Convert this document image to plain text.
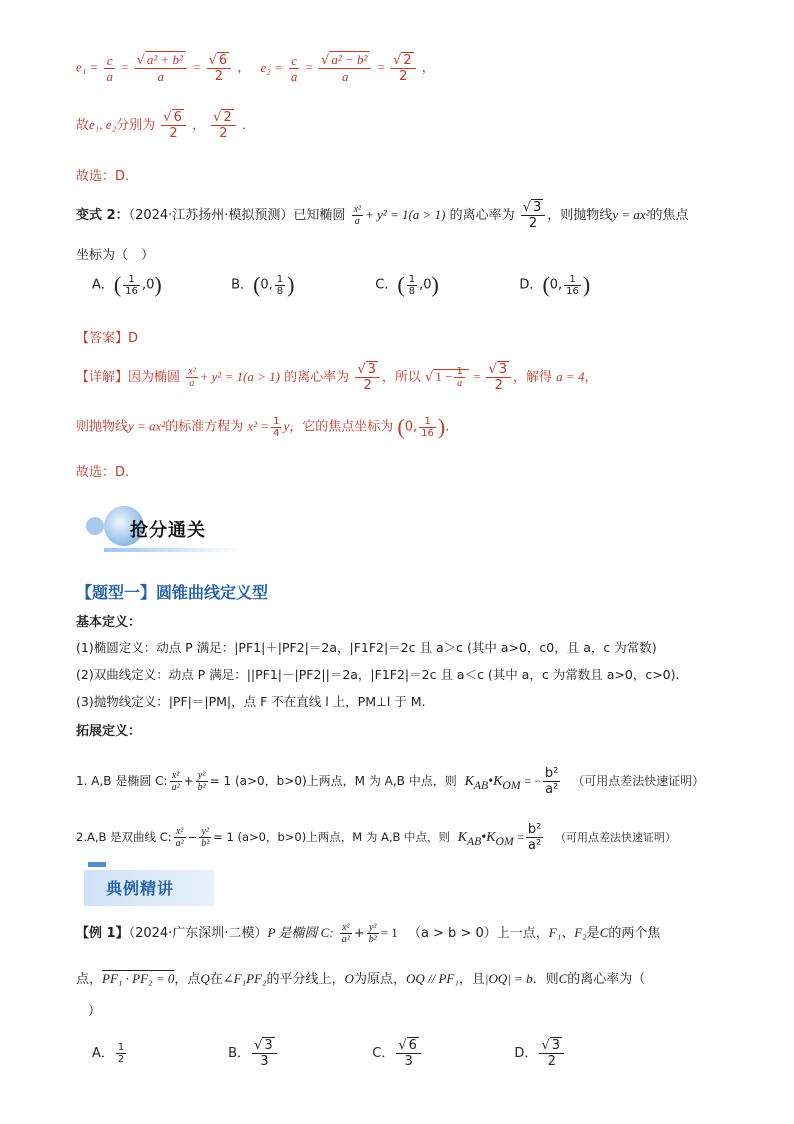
$e_1 = \frac{c}{a} = \frac{\text{√ a² + b²}}{a} = \frac{√ 6}{2}$ ， $e_2 = \frac{c}{a} = \frac{\text{√ a² − b²}}{a} = \frac{√ 2}{2}$ ，
故e₁, e₂分别为 $\frac{√ 6}{2}$ ， $\frac{√ 2}{2}$ ．
故选：D．
变式 2：（2024·江苏扬州·模拟预测）已知椭圆 $\frac{\text{x²}}{a} + y^2 = 1(a > 1)$ 的离心率为 $\frac{√ 3}{2}$ ，则抛物线y = ax²的焦点
坐标为（　）
A．( $\frac{1}{16} ,0$)	B．(0, $\frac{1}{8}$ )	C．( $\frac{1}{8} ,0$)	D．(0, $\frac{1}{16}$ )
【答案】D
【详解】因为椭圆 $\frac{\text{x²}}{a} + y^2 = 1(a > 1)$ 的离心率为 $\frac{√ 3}{2}$ ，所以 √ $1 - \frac{1}{a} = \frac{√ 3}{2}$ ，解得 a = 4，
则抛物线y = ax²的标准方程为 $x^2 = \frac{1}{4}$ y，它的焦点坐标为 (0, $\frac{1}{16}$ ).
故选：D.
抢分通关
【题型一】圆锥曲线定义型
基本定义：
(1)椭圆定义：动点 P 满足：|PF1|＋|PF2|＝2a，|F1F2|＝2c 且 a＞c (其中 a>0，c0，且 a，c 为常数)
(2)双曲线定义：动点 P 满足：||PF1|－|PF2||＝2a，|F1F2|＝2c 且 a＜c (其中 a，c 为常数且 a>0，c>0).
(3)抛物线定义：|PF|＝|PM|，点 F 不在直线 l 上，PM⊥l 于 M.
拓展定义：
1. A,B 是椭圆 C: $\frac{\text{x²}}{\text{a²}} + \frac{\text{y²}}{\text{b²}} = 1$ (a>0，b>0)上两点，M 为 A,B 中点，则 $K_{AB}•K_{OM}$ = − $\frac{\text{b²}}{\text{a²}}$ （可用点差法快速证明）
2.A,B 是双曲线 C: $\frac{\text{x²}}{\text{a²}} - \frac{\text{y²}}{\text{b²}} = 1$ (a>0，b>0)上两点，M 为 A,B 中点，则 $K_{AB}•K_{OM} = \frac{\text{b²}}{\text{a²}}$ （可用点差法快速证明）
典例精讲
【例 1】（2024·广东深圳·二模）P 是椭圆 C: $\frac{\text{x²}}{\text{a²}} + \frac{\text{y²}}{\text{b²}} = 1$ （a > b > 0）上一点，F₁、F₂是C的两个焦
点，PF₁ · PF₂ = 0，点Q在∠F₁PF₂的平分线上，O为原点，OQ // PF₁，且|OQ| = b．则C的离心率为（
）
A． $\frac{1}{2}$	B． $\frac{√ 3}{3}$	C． $\frac{√ 6}{3}$	D． $\frac{√ 3}{2}$
